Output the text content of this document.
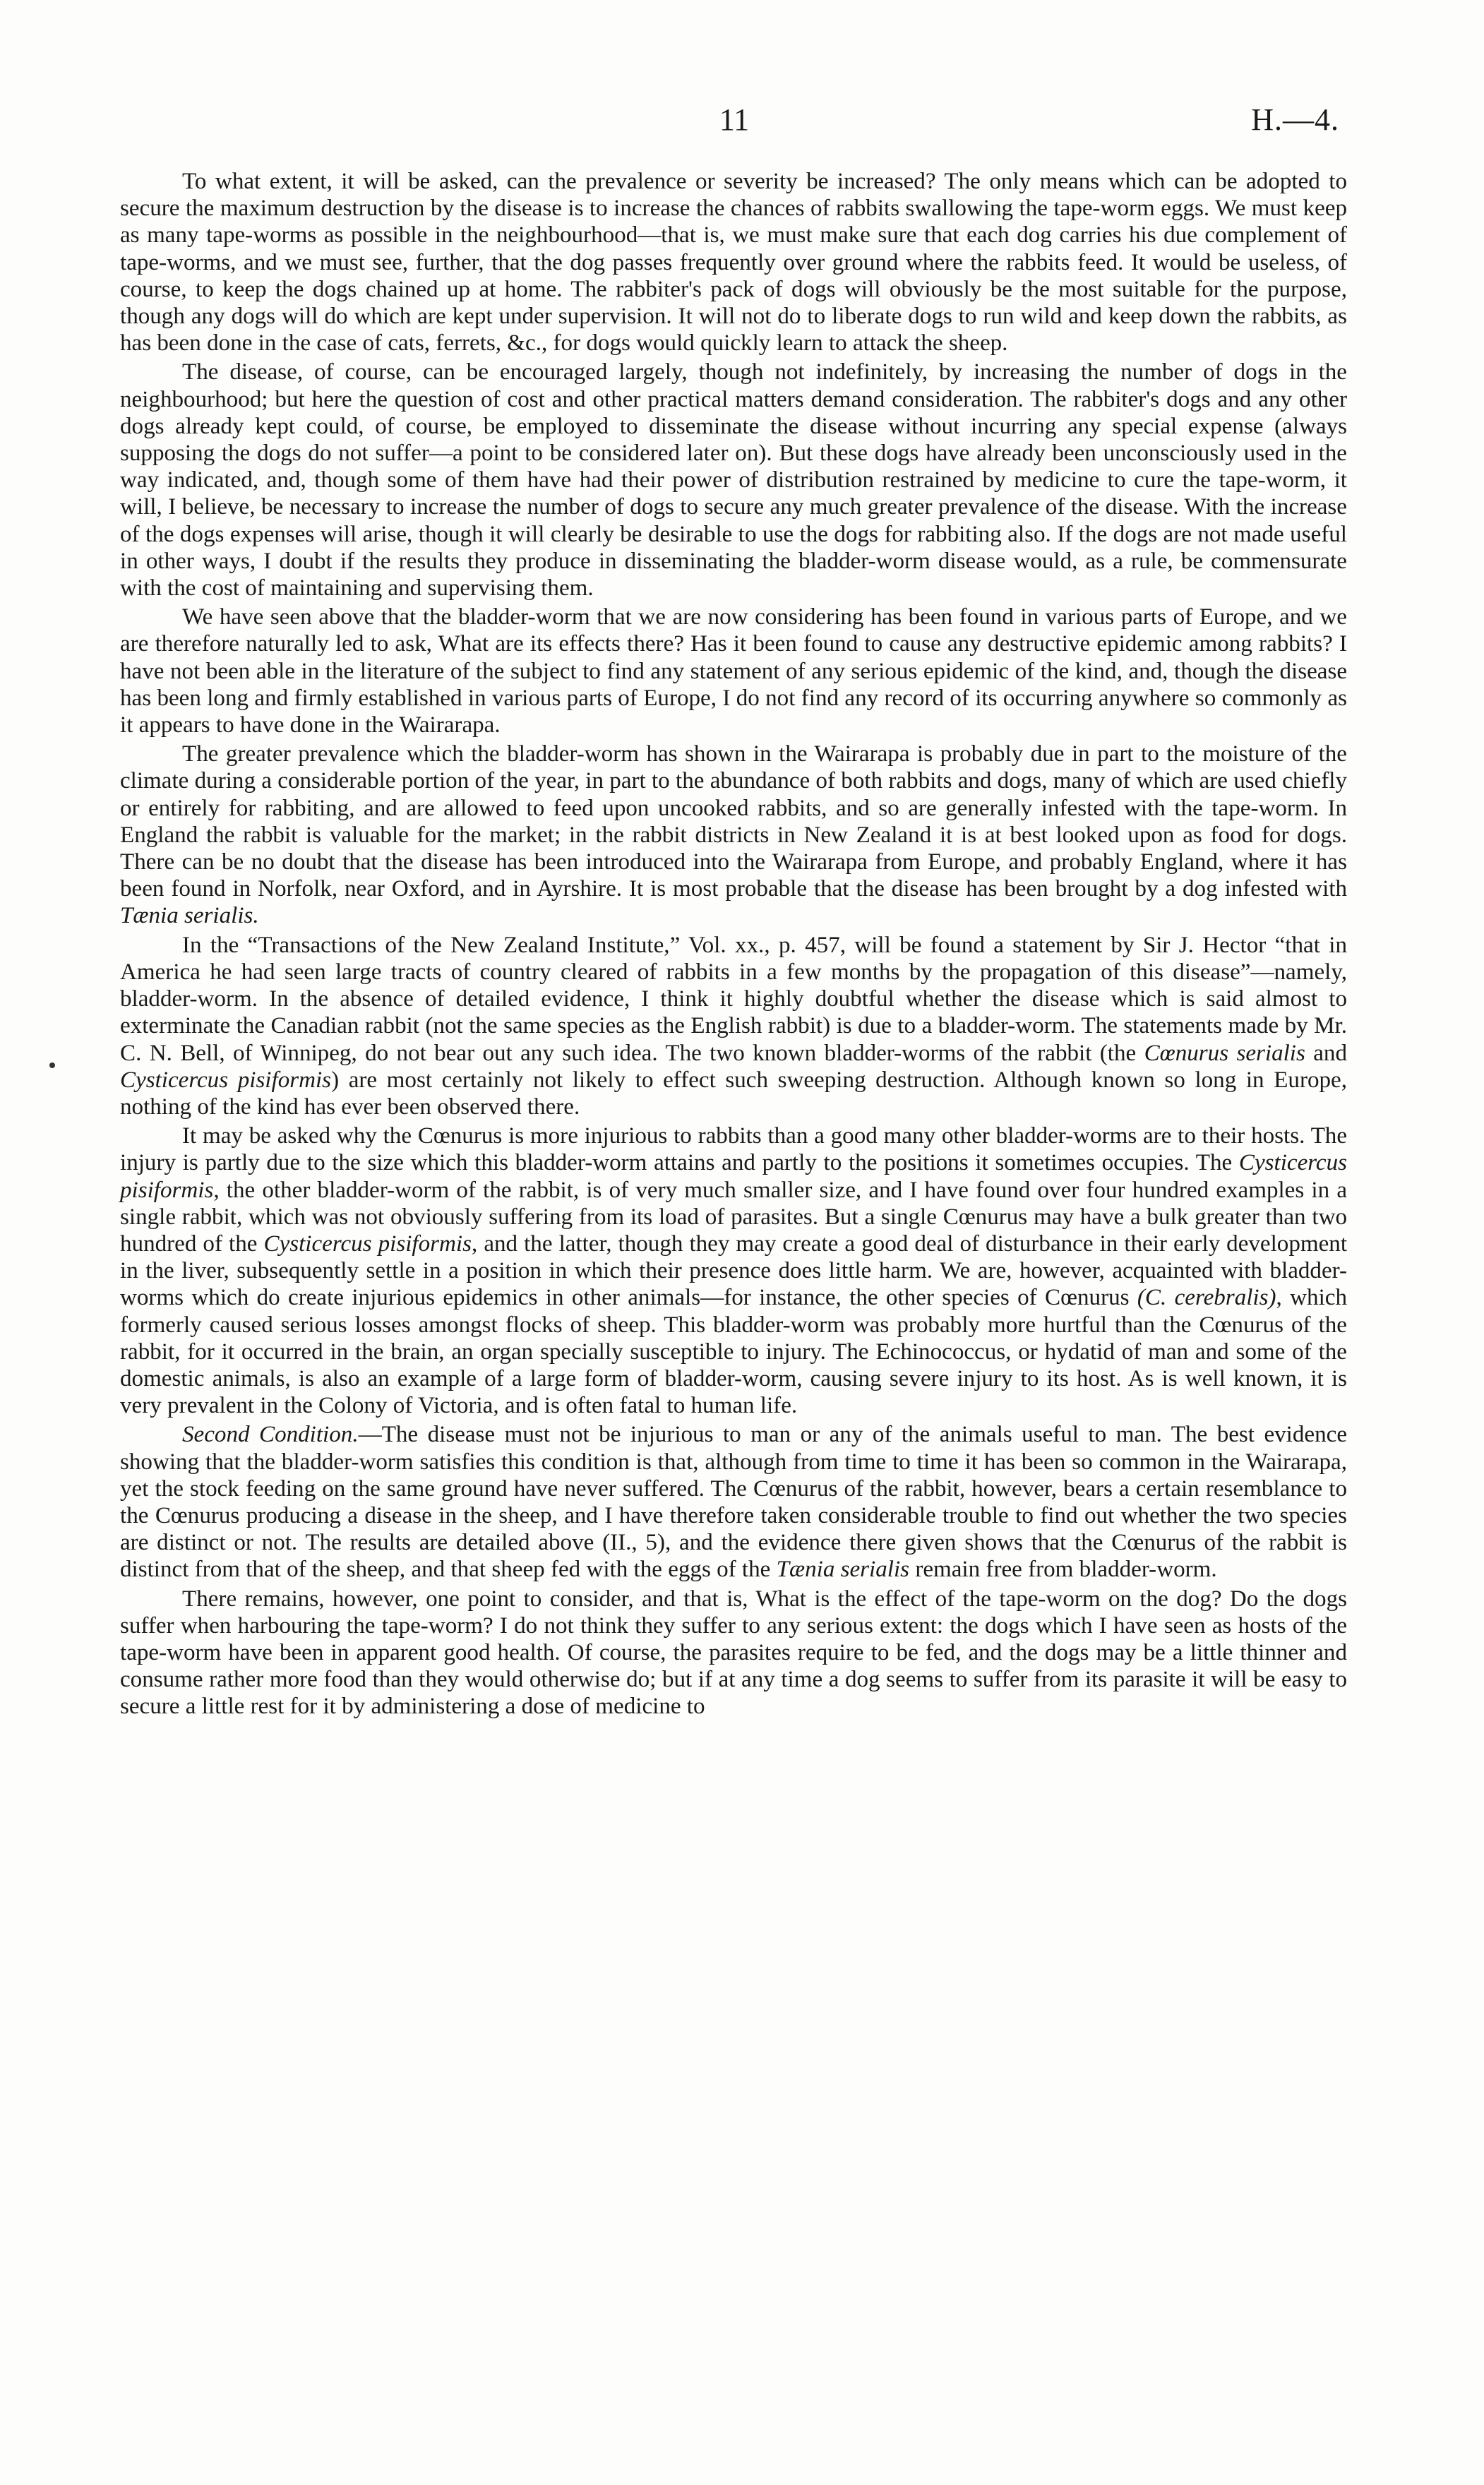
11	H.—4.

To what extent, it will be asked, can the prevalence or severity be increased? The only means which can be adopted to secure the maximum destruction by the disease is to increase the chances of rabbits swallowing the tape-worm eggs. We must keep as many tape-worms as possible in the neighbourhood—that is, we must make sure that each dog carries his due complement of tape-worms, and we must see, further, that the dog passes frequently over ground where the rabbits feed. It would be useless, of course, to keep the dogs chained up at home. The rabbiter's pack of dogs will obviously be the most suitable for the purpose, though any dogs will do which are kept under supervision. It will not do to liberate dogs to run wild and keep down the rabbits, as has been done in the case of cats, ferrets, &c., for dogs would quickly learn to attack the sheep.

The disease, of course, can be encouraged largely, though not indefinitely, by increasing the number of dogs in the neighbourhood; but here the question of cost and other practical matters demand consideration. The rabbiter's dogs and any other dogs already kept could, of course, be employed to disseminate the disease without incurring any special expense (always supposing the dogs do not suffer—a point to be considered later on). But these dogs have already been unconsciously used in the way indicated, and, though some of them have had their power of distribution restrained by medicine to cure the tape-worm, it will, I believe, be necessary to increase the number of dogs to secure any much greater prevalence of the disease. With the increase of the dogs expenses will arise, though it will clearly be desirable to use the dogs for rabbiting also. If the dogs are not made useful in other ways, I doubt if the results they produce in disseminating the bladder-worm disease would, as a rule, be commensurate with the cost of maintaining and supervising them.

We have seen above that the bladder-worm that we are now considering has been found in various parts of Europe, and we are therefore naturally led to ask, What are its effects there? Has it been found to cause any destructive epidemic among rabbits? I have not been able in the literature of the subject to find any statement of any serious epidemic of the kind, and, though the disease has been long and firmly established in various parts of Europe, I do not find any record of its occurring anywhere so commonly as it appears to have done in the Wairarapa.

The greater prevalence which the bladder-worm has shown in the Wairarapa is probably due in part to the moisture of the climate during a considerable portion of the year, in part to the abundance of both rabbits and dogs, many of which are used chiefly or entirely for rabbiting, and are allowed to feed upon uncooked rabbits, and so are generally infested with the tape-worm. In England the rabbit is valuable for the market; in the rabbit districts in New Zealand it is at best looked upon as food for dogs. There can be no doubt that the disease has been introduced into the Wairarapa from Europe, and probably England, where it has been found in Norfolk, near Oxford, and in Ayrshire. It is most probable that the disease has been brought by a dog infested with Tænia serialis.

In the “Transactions of the New Zealand Institute,” Vol. xx., p. 457, will be found a statement by Sir J. Hector “that in America he had seen large tracts of country cleared of rabbits in a few months by the propagation of this disease”—namely, bladder-worm. In the absence of detailed evidence, I think it highly doubtful whether the disease which is said almost to exterminate the Canadian rabbit (not the same species as the English rabbit) is due to a bladder-worm. The statements made by Mr. C. N. Bell, of Winnipeg, do not bear out any such idea. The two known bladder-worms of the rabbit (the Cœnurus serialis and Cysticercus pisiformis) are most certainly not likely to effect such sweeping destruction. Although known so long in Europe, nothing of the kind has ever been observed there.

It may be asked why the Cœnurus is more injurious to rabbits than a good many other bladder-worms are to their hosts. The injury is partly due to the size which this bladder-worm attains and partly to the positions it sometimes occupies. The Cysticercus pisiformis, the other bladder-worm of the rabbit, is of very much smaller size, and I have found over four hundred examples in a single rabbit, which was not obviously suffering from its load of parasites. But a single Cœnurus may have a bulk greater than two hundred of the Cysticercus pisiformis, and the latter, though they may create a good deal of disturbance in their early development in the liver, subsequently settle in a position in which their presence does little harm. We are, however, acquainted with bladder-worms which do create injurious epidemics in other animals—for instance, the other species of Cœnurus (C. cerebralis), which formerly caused serious losses amongst flocks of sheep. This bladder-worm was probably more hurtful than the Cœnurus of the rabbit, for it occurred in the brain, an organ specially susceptible to injury. The Echinococcus, or hydatid of man and some of the domestic animals, is also an example of a large form of bladder-worm, causing severe injury to its host. As is well known, it is very prevalent in the Colony of Victoria, and is often fatal to human life.

Second Condition.—The disease must not be injurious to man or any of the animals useful to man. The best evidence showing that the bladder-worm satisfies this condition is that, although from time to time it has been so common in the Wairarapa, yet the stock feeding on the same ground have never suffered. The Cœnurus of the rabbit, however, bears a certain resemblance to the Cœnurus producing a disease in the sheep, and I have therefore taken considerable trouble to find out whether the two species are distinct or not. The results are detailed above (II., 5), and the evidence there given shows that the Cœnurus of the rabbit is distinct from that of the sheep, and that sheep fed with the eggs of the Tænia serialis remain free from bladder-worm.

There remains, however, one point to consider, and that is, What is the effect of the tape-worm on the dog? Do the dogs suffer when harbouring the tape-worm? I do not think they suffer to any serious extent: the dogs which I have seen as hosts of the tape-worm have been in apparent good health. Of course, the parasites require to be fed, and the dogs may be a little thinner and consume rather more food than they would otherwise do; but if at any time a dog seems to suffer from its parasite it will be easy to secure a little rest for it by administering a dose of medicine to
